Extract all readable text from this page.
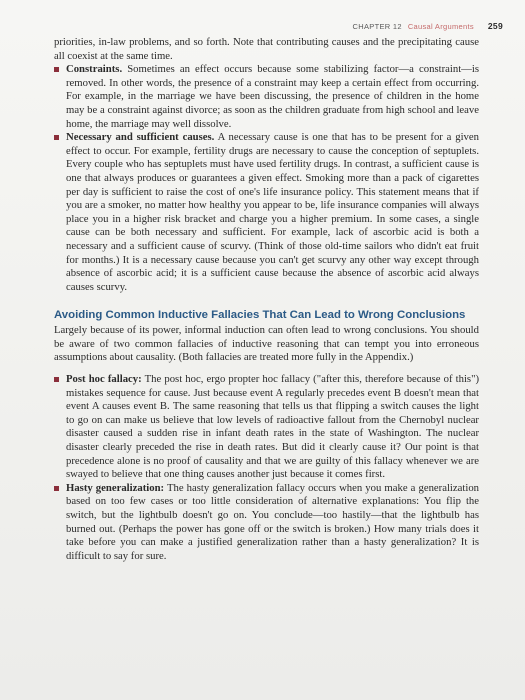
CHAPTER 12 Causal Arguments	259

priorities, in-law problems, and so forth. Note that contributing causes and the precipitating cause all coexist at the same time.

Constraints. Sometimes an effect occurs because some stabilizing factor—a constraint—is removed. In other words, the presence of a constraint may keep a certain effect from occurring. For example, in the marriage we have been discussing, the presence of children in the home may be a constraint against divorce; as soon as the children graduate from high school and leave home, the marriage may well dissolve.

Necessary and sufficient causes. A necessary cause is one that has to be present for a given effect to occur. For example, fertility drugs are necessary to cause the conception of septuplets. Every couple who has septuplets must have used fertility drugs. In contrast, a sufficient cause is one that always produces or guarantees a given effect. Smoking more than a pack of cigarettes per day is sufficient to raise the cost of one's life insurance policy. This statement means that if you are a smoker, no matter how healthy you appear to be, life insurance companies will always place you in a higher risk bracket and charge you a higher premium. In some cases, a single cause can be both necessary and sufficient. For example, lack of ascorbic acid is both a necessary and a sufficient cause of scurvy. (Think of those old-time sailors who didn't eat fruit for months.) It is a necessary cause because you can't get scurvy any other way except through absence of ascorbic acid; it is a sufficient cause because the absence of ascorbic acid always causes scurvy.

Avoiding Common Inductive Fallacies That Can Lead to Wrong Conclusions

Largely because of its power, informal induction can often lead to wrong conclusions. You should be aware of two common fallacies of inductive reasoning that can tempt you into erroneous assumptions about causality. (Both fallacies are treated more fully in the Appendix.)

Post hoc fallacy: The post hoc, ergo propter hoc fallacy ("after this, therefore because of this") mistakes sequence for cause. Just because event A regularly precedes event B doesn't mean that event A causes event B. The same reasoning that tells us that flipping a switch causes the light to go on can make us believe that low levels of radioactive fallout from the Chernobyl nuclear disaster caused a sudden rise in infant death rates in the state of Washington. The nuclear disaster clearly preceded the rise in death rates. But did it clearly cause it? Our point is that precedence alone is no proof of causality and that we are guilty of this fallacy whenever we are swayed to believe that one thing causes another just because it comes first.

Hasty generalization: The hasty generalization fallacy occurs when you make a generalization based on too few cases or too little consideration of alternative explanations: You flip the switch, but the lightbulb doesn't go on. You conclude—too hastily—that the lightbulb has burned out. (Perhaps the power has gone off or the switch is broken.) How many trials does it take before you can make a justified generalization rather than a hasty generalization? It is difficult to say for sure.
